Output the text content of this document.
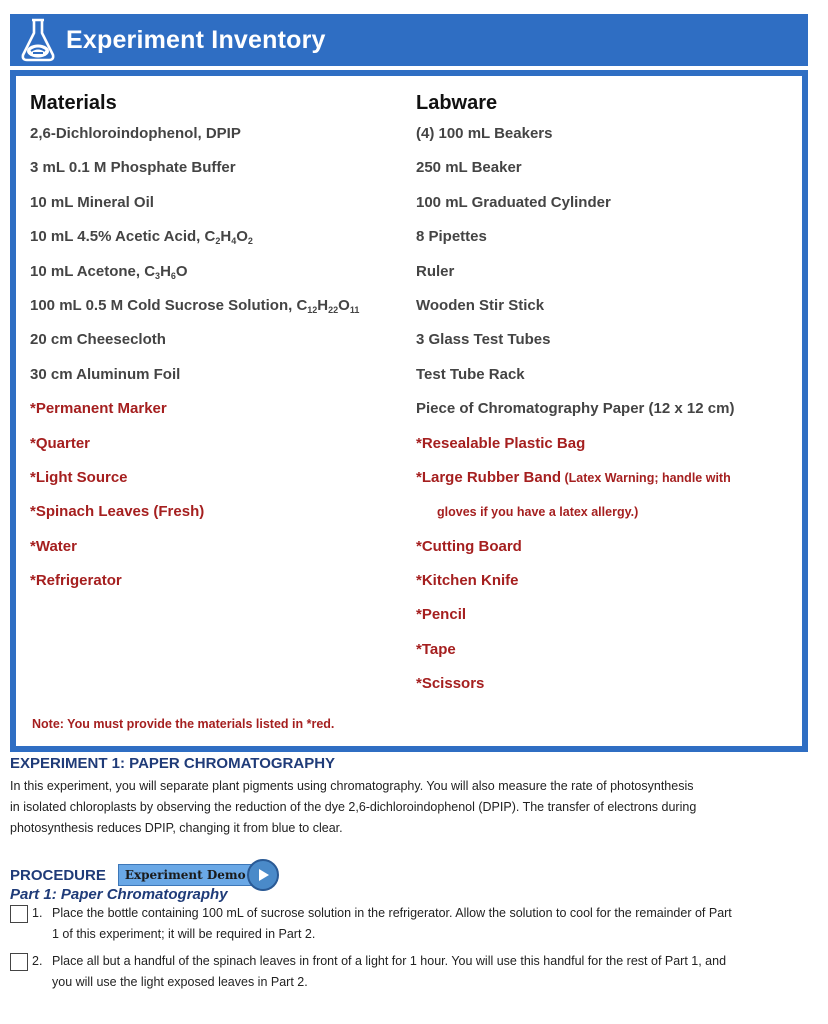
Experiment Inventory
Materials
2,6-Dichloroindophenol, DPIP
3 mL 0.1 M Phosphate Buffer
10 mL Mineral Oil
10 mL 4.5% Acetic Acid, $C_2H_4O_2$
10 mL Acetone, $C_3H_6O$
100 mL 0.5 M Cold Sucrose Solution, $C_{12}H_{22}O_{11}$
20 cm Cheesecloth
30 cm Aluminum Foil
*Permanent Marker
*Quarter
*Light Source
*Spinach Leaves (Fresh)
*Water
*Refrigerator
Labware
(4) 100 mL Beakers
250 mL Beaker
100 mL Graduated Cylinder
8 Pipettes
Ruler
Wooden Stir Stick
3 Glass Test Tubes
Test Tube Rack
Piece of Chromatography Paper (12 x 12 cm)
*Resealable Plastic Bag
*Large Rubber Band (Latex Warning; handle with
gloves if you have a latex allergy.)
*Cutting Board
*Kitchen Knife
*Pencil
*Tape
*Scissors
Note: You must provide the materials listed in *red.
EXPERIMENT 1: PAPER CHROMATOGRAPHY
In this experiment, you will separate plant pigments using chromatography. You will also measure the rate of photosynthesis
in isolated chloroplasts by observing the reduction of the dye 2,6-dichloroindophenol (DPIP). The transfer of electrons during
photosynthesis reduces DPIP, changing it from blue to clear.
PROCEDURE	Experiment Demo
Part 1: Paper Chromatography
1. Place the bottle containing 100 mL of sucrose solution in the refrigerator. Allow the solution to cool for the remainder of Part
1 of this experiment; it will be required in Part 2.
2. Place all but a handful of the spinach leaves in front of a light for 1 hour. You will use this handful for the rest of Part 1, and
you will use the light exposed leaves in Part 2.
